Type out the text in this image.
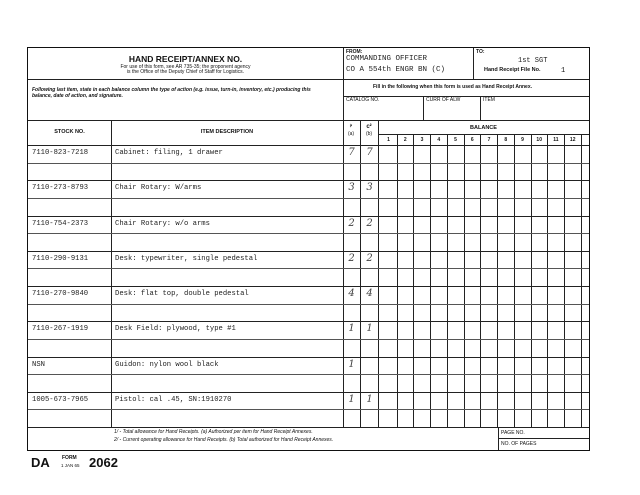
HAND RECEIPT/ANNEX NO.
For use of this form, see AR 735-35; the proponent agency
is the Office of the Deputy Chief of Staff for Logistics.
FROM:
COMMANDING OFFICER
CO A 554th ENGR BN (C)
TO:
1st SGT
Hand Receipt File No.	1
Following last item, state in each balance column the type of action (e.g. issue, turn-in, inventory, etc.) producing this balance, date of action, and signature.
Fill in the following when this form is used as Hand Receipt Annex.
CATALOG NO.	CURR OF ALW	ITEM
STOCK NO.	ITEM DESCRIPTION
ⁱ′
(a)
c²
(b)
BALANCE
1	2	3	4	5	6	7	8	9	10	11	12
7110-823-7218	Cabinet: filing, 1 drawer	7	7
7110-273-8793	Chair Rotary: W/arms	3	3
7110-754-2373	Chair Rotary: w/o arms	2	2
7110-290-9131	Desk: typewriter, single pedestal	2	2
7110-270-9840	Desk: flat top, double pedestal	4	4
7110-267-1919	Desk Field: plywood, type #1	1	1
NSN	Guidon: nylon wool black	1
1005-673-7965	Pistol: cal .45, SN:1910270	1	1
1/ - Total allowance for Hand Receipts. (a) Authorized per item for Hand Receipt Annexes.
2/ - Current operating allowance for Hand Receipts. (b) Total authorized for Hand Receipt Annexes.
PAGE NO.
NO. OF PAGES
DA FORM
1 JAN 65 2062
